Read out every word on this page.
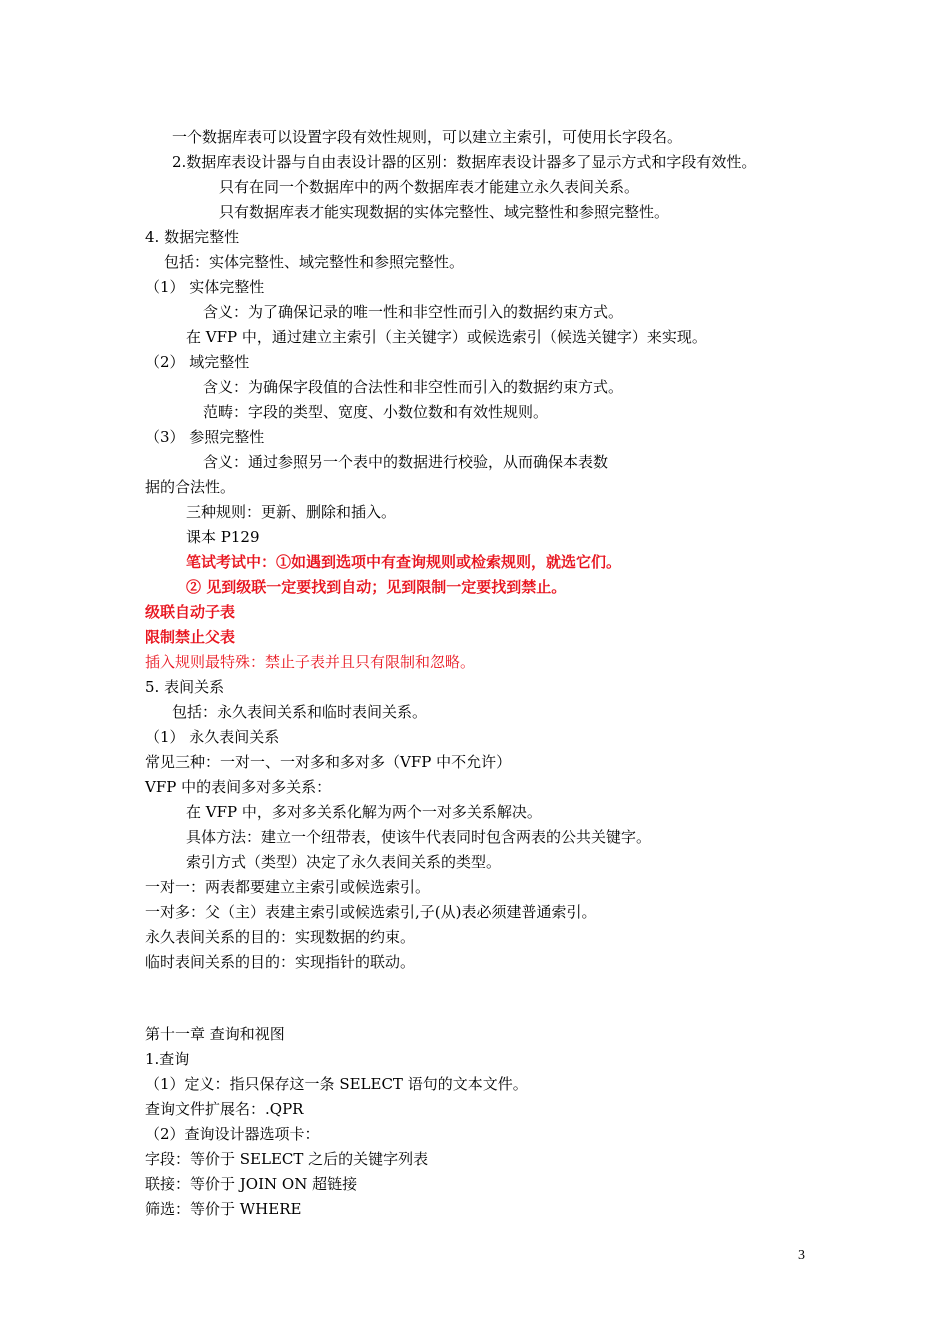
一个数据库表可以设置字段有效性规则，可以建立主索引，可使用长字段名。
2.数据库表设计器与自由表设计器的区别：数据库表设计器多了显示方式和字段有效性。
只有在同一个数据库中的两个数据库表才能建立永久表间关系。
只有数据库表才能实现数据的实体完整性、域完整性和参照完整性。
4. 数据完整性
包括：实体完整性、域完整性和参照完整性。
（1） 实体完整性
含义：为了确保记录的唯一性和非空性而引入的数据约束方式。
在 VFP 中，通过建立主索引（主关键字）或候选索引（候选关键字）来实现。
（2） 域完整性
含义：为确保字段值的合法性和非空性而引入的数据约束方式。
范畴：字段的类型、宽度、小数位数和有效性规则。
（3） 参照完整性
含义：通过参照另一个表中的数据进行校验，从而确保本表数
据的合法性。
三种规则：更新、删除和插入。
课本 P129
笔试考试中：①如遇到选项中有查询规则或检索规则，就选它们。
② 见到级联一定要找到自动；见到限制一定要找到禁止。
级联自动子表
限制禁止父表
插入规则最特殊：禁止子表并且只有限制和忽略。
5. 表间关系
包括：永久表间关系和临时表间关系。
（1） 永久表间关系
常见三种：一对一、一对多和多对多（VFP 中不允许）
VFP 中的表间多对多关系：
在 VFP 中，多对多关系化解为两个一对多关系解决。
具体方法：建立一个纽带表，使该牛代表同时包含两表的公共关键字。
索引方式（类型）决定了永久表间关系的类型。
一对一：两表都要建立主索引或候选索引。
一对多：父（主）表建主索引或候选索引,子(从)表必须建普通索引。
永久表间关系的目的：实现数据的约束。
临时表间关系的目的：实现指针的联动。
第十一章 查询和视图
1.查询
（1）定义：指只保存这一条 SELECT 语句的文本文件。
查询文件扩展名：.QPR
（2）查询设计器选项卡：
字段：等价于 SELECT 之后的关键字列表
联接：等价于 JOIN ON 超链接
筛选：等价于 WHERE
3
